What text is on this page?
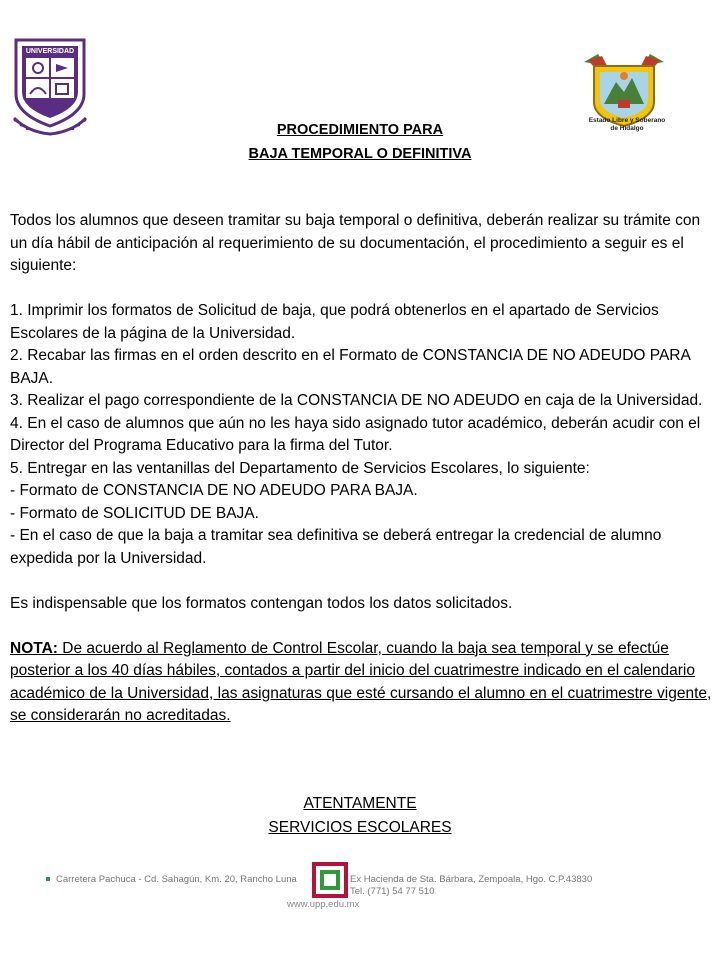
UNIVERSIDAD
Estado Libre y Soberano
de Hidalgo
PROCEDIMIENTO PARA
BAJA TEMPORAL O DEFINITIVA

Todos los alumnos que deseen tramitar su baja temporal o definitiva, deberán realizar su trámite con un día hábil de anticipación al requerimiento de su documentación, el procedimiento a seguir es el siguiente:

1. Imprimir los formatos de Solicitud de baja, que podrá obtenerlos en el apartado de Servicios Escolares de la página de la Universidad.

2. Recabar las firmas en el orden descrito en el Formato de CONSTANCIA DE NO ADEUDO PARA BAJA.

3. Realizar el pago correspondiente de la CONSTANCIA DE NO ADEUDO en caja de la Universidad.

4. En el caso de alumnos que aún no les haya sido asignado tutor académico, deberán acudir con el Director del Programa Educativo para la firma del Tutor.

5. Entregar en las ventanillas del Departamento de Servicios Escolares, lo siguiente:

- Formato de CONSTANCIA DE NO ADEUDO PARA BAJA.

- Formato de SOLICITUD DE BAJA.

- En el caso de que la baja a tramitar sea definitiva se deberá entregar la credencial de alumno expedida por la Universidad.

Es indispensable que los formatos contengan todos los datos solicitados.

NOTA: De acuerdo al Reglamento de Control Escolar, cuando la baja sea temporal y se efectúe posterior a los 40 días hábiles, contados a partir del inicio del cuatrimestre indicado en el calendario académico de la Universidad, las asignaturas que esté cursando el alumno en el cuatrimestre vigente, se considerarán no acreditadas.

ATENTAMENTE
SERVICIOS ESCOLARES
Carretera Pachuca - Cd. Sahagún, Km. 20, Rancho Luna	Ex Hacienda de Sta. Bárbara, Zempoala, Hgo. C.P.43830
Tel. (771) 54 77 510
www.upp.edu.mx
